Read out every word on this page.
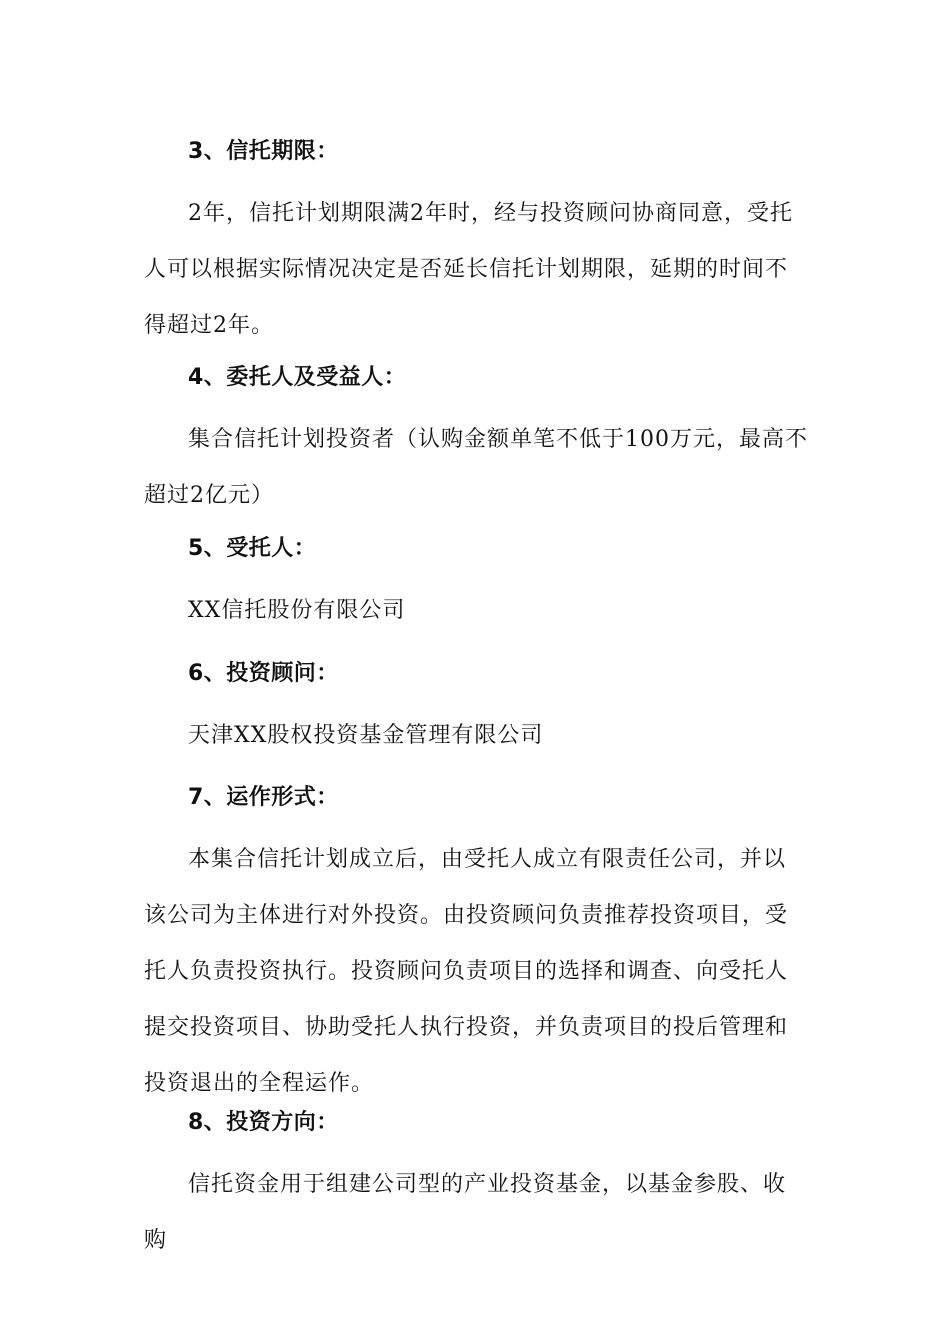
3、信托期限：

2年，信托计划期限满2年时，经与投资顾问协商同意，受托人可以根据实际情况决定是否延长信托计划期限，延期的时间不得超过2年。

4、委托人及受益人：

集合信托计划投资者（认购金额单笔不低于100万元，最高不超过2亿元）

5、受托人：

XX信托股份有限公司

6、投资顾问：

天津XX股权投资基金管理有限公司

7、运作形式：

本集合信托计划成立后，由受托人成立有限责任公司，并以该公司为主体进行对外投资。由投资顾问负责推荐投资项目，受托人负责投资执行。投资顾问负责项目的选择和调查、向受托人提交投资项目、协助受托人执行投资，并负责项目的投后管理和投资退出的全程运作。

8、投资方向：

信托资金用于组建公司型的产业投资基金，以基金参股、收购
